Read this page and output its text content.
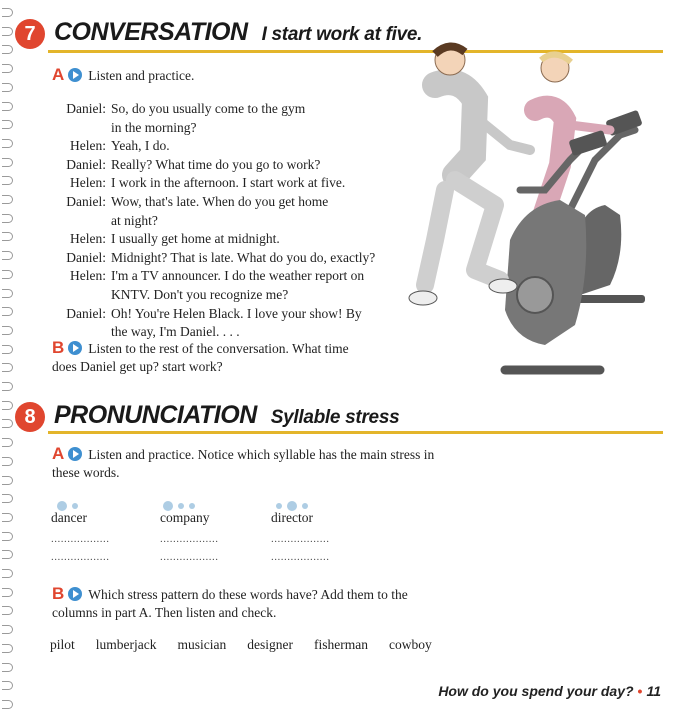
7 CONVERSATION I start work at five.
A Listen and practice.
Daniel: So, do you usually come to the gym
in the morning?
Helen: Yeah, I do.
Daniel: Really? What time do you go to work?
Helen: I work in the afternoon. I start work at five.
Daniel: Wow, that's late. When do you get home
at night?
Helen: I usually get home at midnight.
Daniel: Midnight? That is late. What do you do, exactly?
Helen: I'm a TV announcer. I do the weather report on
KNTV. Don't you recognize me?
Daniel: Oh! You're Helen Black. I love your show! By
the way, I'm Daniel. . . .
B Listen to the rest of the conversation. What time
does Daniel get up? start work?
8 PRONUNCIATION Syllable stress
A Listen and practice. Notice which syllable has the main stress in
these words.
dancer	company	director
..................	..................	..................
..................	..................	..................
B Which stress pattern do these words have? Add them to the
columns in part A. Then listen and check.
pilot lumberjack musician designer fisherman cowboy
How do you spend your day? • 11
